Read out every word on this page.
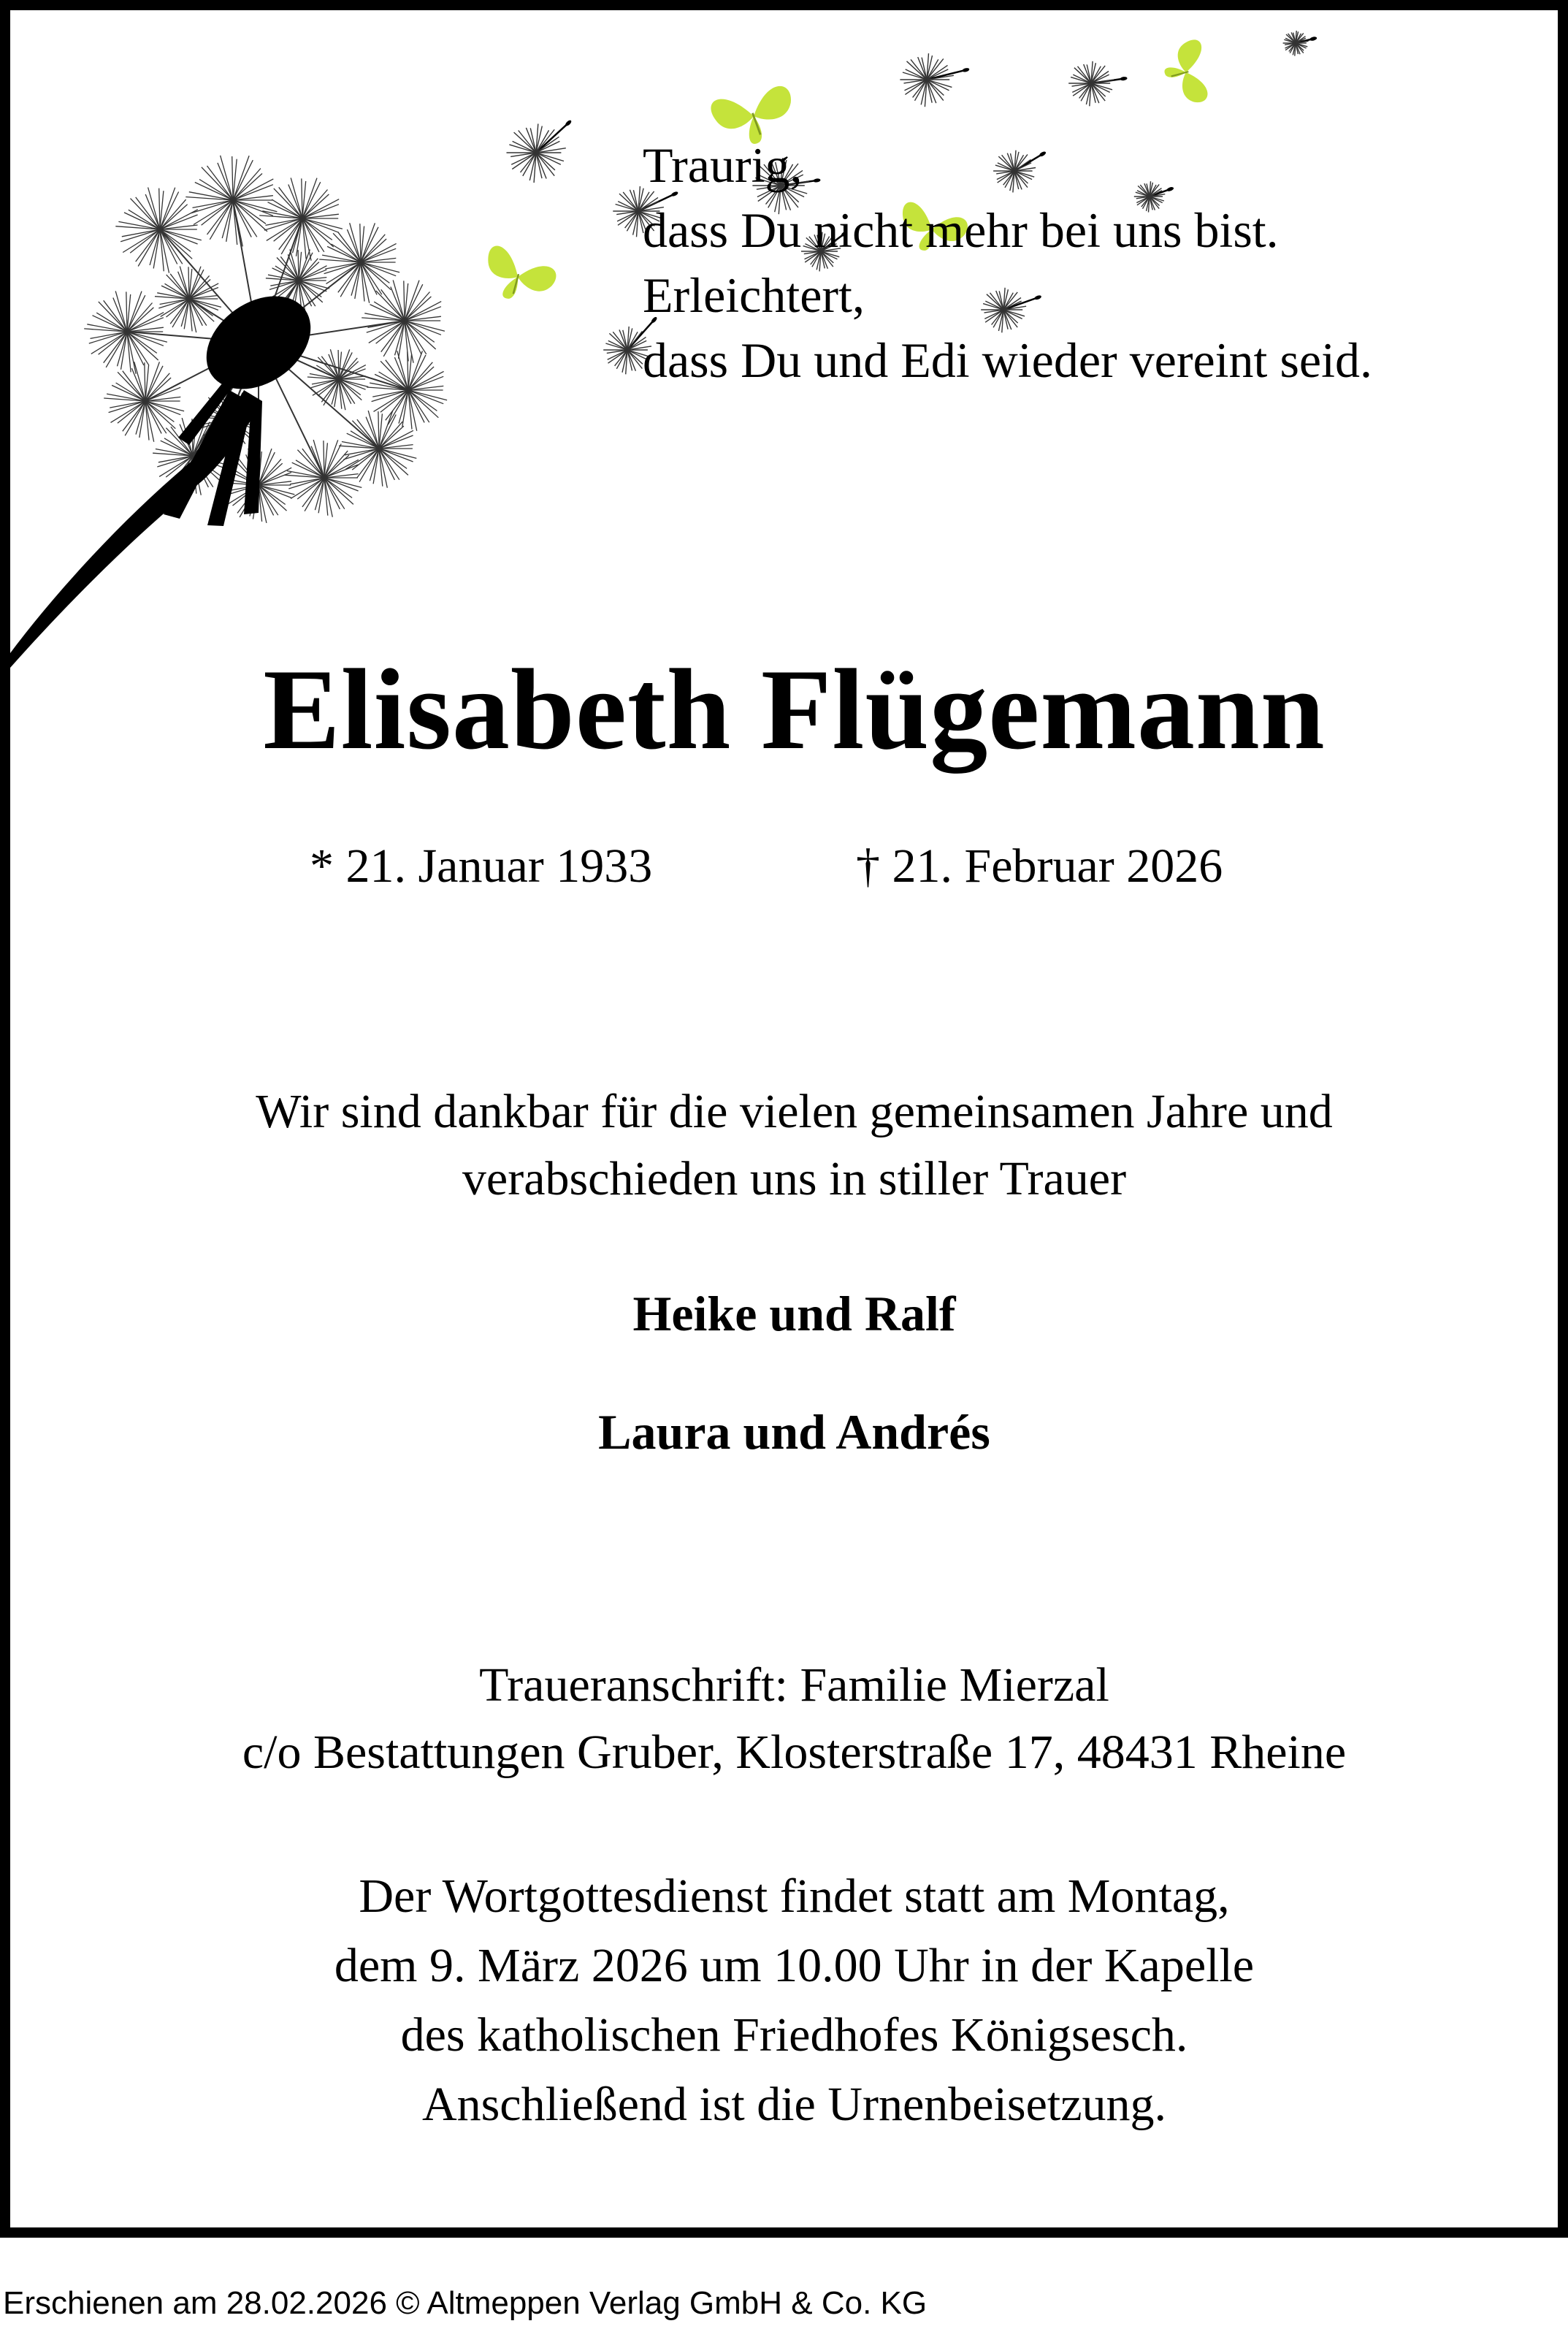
Traurig,
dass Du nicht mehr bei uns bist.
Erleichtert,
dass Du und Edi wieder vereint seid.
Elisabeth Flügemann
* 21. Januar 1933	† 21. Februar 2026
Wir sind dankbar für die vielen gemeinsamen Jahre und
verabschieden uns in stiller Trauer
Heike und Ralf
Laura und Andrés
Traueranschrift: Familie Mierzal
c/o Bestattungen Gruber, Klosterstraße 17, 48431 Rheine
Der Wortgottesdienst findet statt am Montag,
dem 9. März 2026 um 10.00 Uhr in der Kapelle
des katholischen Friedhofes Königsesch.
Anschließend ist die Urnenbeisetzung.
Erschienen am 28.02.2026 © Altmeppen Verlag GmbH & Co. KG
